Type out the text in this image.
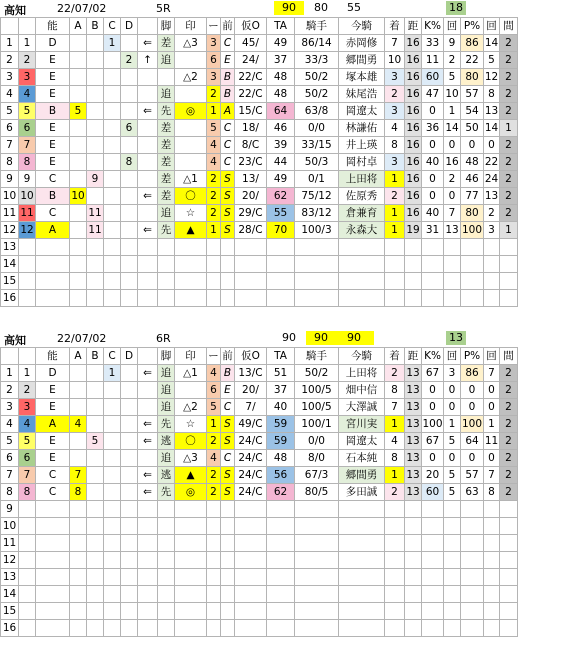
高知	22/07/02	5R	90	80	55	18
		能	A	B	C	D		脚	印	ー	前	仮O	TA	騎手	今騎	着	距	K%	回	P%	回	間
1	1	D			1		⇐	差	△3	3	C	45/	49	86/14	赤岡修	7	16	33	9	86	14	2
2	2	E				2	↑	追		6	E	24/	37	33/3	郷間勇	10	16	11	2	22	5	2
3	3	E							△2	3	B	22/C	48	50/2	塚本雄	3	16	60	5	80	12	2
4	4	E						追		2	B	22/C	48	50/2	妹尾浩	2	16	47	10	57	8	2
5	5	B	5				⇐	先	◎	1	A	15/C	64	63/8	岡遼太	3	16	0	1	54	13	2
6	6	E				6		差		5	C	18/	46	0/0	林謙佑	4	16	36	14	50	14	1
7	7	E						差		4	C	8/C	39	33/15	井上瑛	8	16	0	0	0	0	2
8	8	E				8		差		4	C	23/C	44	50/3	岡村卓	3	16	40	16	48	22	2
9	9	C		9				差	△1	2	S	13/	49	0/1	上田将	1	16	0	2	46	24	2
10	10	B	10				⇐	差	〇	2	S	20/	62	75/12	佐原秀	2	16	0	0	77	13	2
11	11	C		11				追	☆	2	S	29/C	55	83/12	倉兼育	1	16	40	7	80	2	2
12	12	A		11			⇐	先	▲	1	S	28/C	70	100/3	永森大	1	19	31	13	100	3	1
13																						
14																						
15																						
16																						
高知	22/07/02	6R	90	90	90	13
		能	A	B	C	D		脚	印	ー	前	仮O	TA	騎手	今騎	着	距	K%	回	P%	回	間
1	1	D			1		⇐	追	△1	4	B	13/C	51	50/2	上田将	2	13	67	3	86	7	2
2	2	E						追		6	E	20/	37	100/5	畑中信	8	13	0	0	0	0	2
3	3	E						追	△2	5	C	7/	40	100/5	大澤誠	7	13	0	0	0	0	2
4	4	A	4				⇐	先	☆	1	S	49/C	59	100/1	宮川実	1	13	100	1	100	1	2
5	5	E		5			⇐	逃	〇	2	S	24/C	59	0/0	岡遼太	4	13	67	5	64	11	2
6	6	E						追	△3	4	C	24/C	48	8/0	石本純	8	13	0	0	0	0	2
7	7	C	7				⇐	逃	▲	2	S	24/C	56	67/3	郷間勇	1	13	20	5	57	7	2
8	8	C	8				⇐	先	◎	2	S	24/C	62	80/5	多田誠	2	13	60	5	63	8	2
9																						
10																						
11																						
12																						
13																						
14																						
15																						
16																						
